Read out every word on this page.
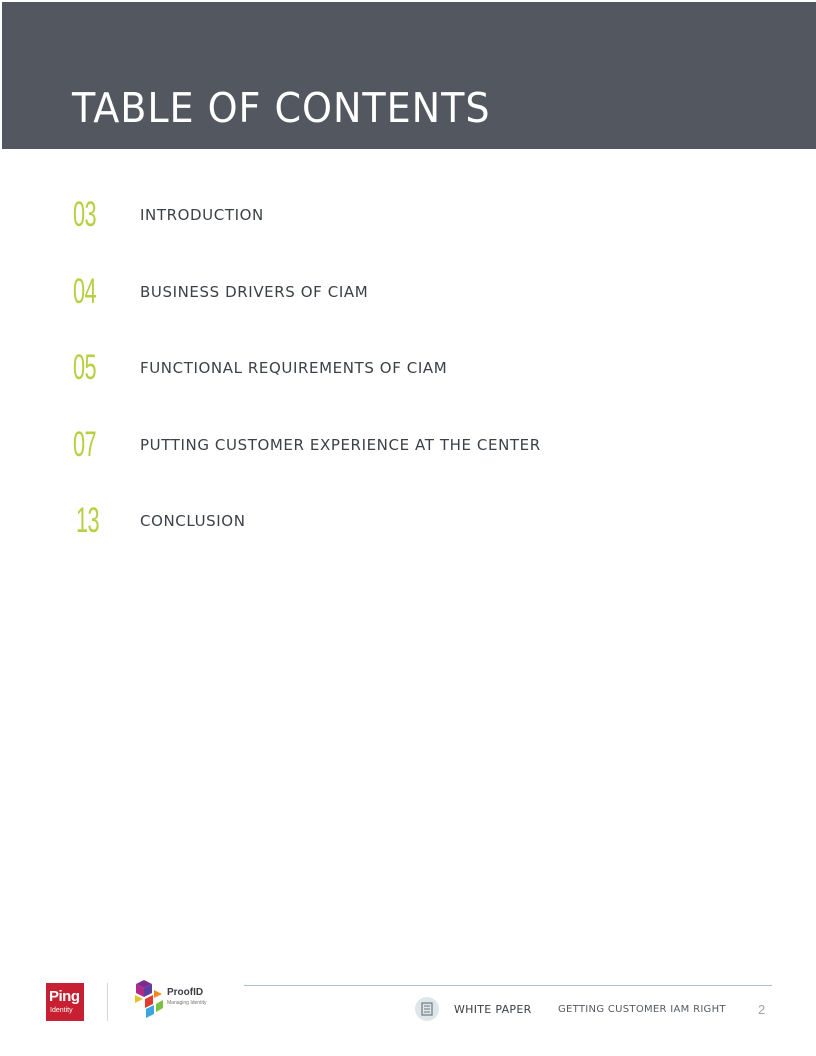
TABLE OF CONTENTS
03	INTRODUCTION
04	BUSINESS DRIVERS OF CIAM
05	FUNCTIONAL REQUIREMENTS OF CIAM
07	PUTTING CUSTOMER EXPERIENCE AT THE CENTER
13	CONCLUSION
Ping
Identity
ProofID
Managing Identity	WHITE PAPER	GETTING CUSTOMER IAM RIGHT 2
